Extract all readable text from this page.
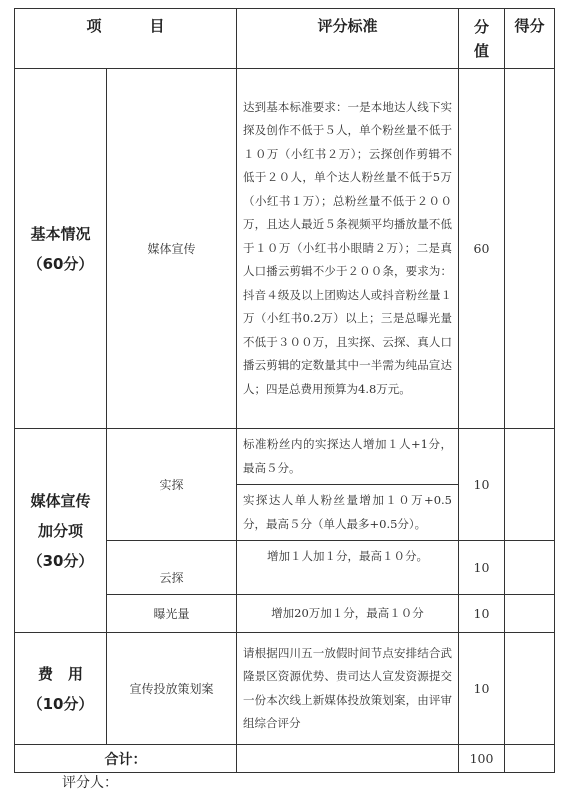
项 目		评分标准	分值	得分

基本情况
（60分）	媒体宣传	达到基本标准要求：一是本地达人线下实探及创作不低于５人，单个粉丝量不低于１０万（小红书２万）；云探创作剪辑不低于２０人，单个达人粉丝量不低于5万（小红书１万）；总粉丝量不低于２００万，且达人最近５条视频平均播放量不低于１０万（小红书小眼睛２万）；二是真人口播云剪辑不少于２００条，要求为：抖音４级及以上团购达人或抖音粉丝量１万（小红书0.2万）以上；三是总曝光量不低于３００万，且实探、云探、真人口播云剪辑的定数量其中一半需为纯品宣达人；四是总费用预算为4.8万元。	60	

媒体宣传
加分项
（30分）	实探	标准粉丝内的实探达人增加１人+1分，最高５分。	10	
		实探达人单人粉丝量增加１０万+0.5分，最高５分（单人最多+0.5分）。		
	云探	增加１人加１分，最高１０分。	10	
	曝光量	增加20万加１分，最高１０分	10	

费　用
（10分）	宣传投放策划案	请根据四川五一放假时间节点安排结合武隆景区资源优势、贵司达人宣发资源提交一份本次线上新媒体投放策划案，由评审组综合评分	10	
合计：			100	
评分人：
